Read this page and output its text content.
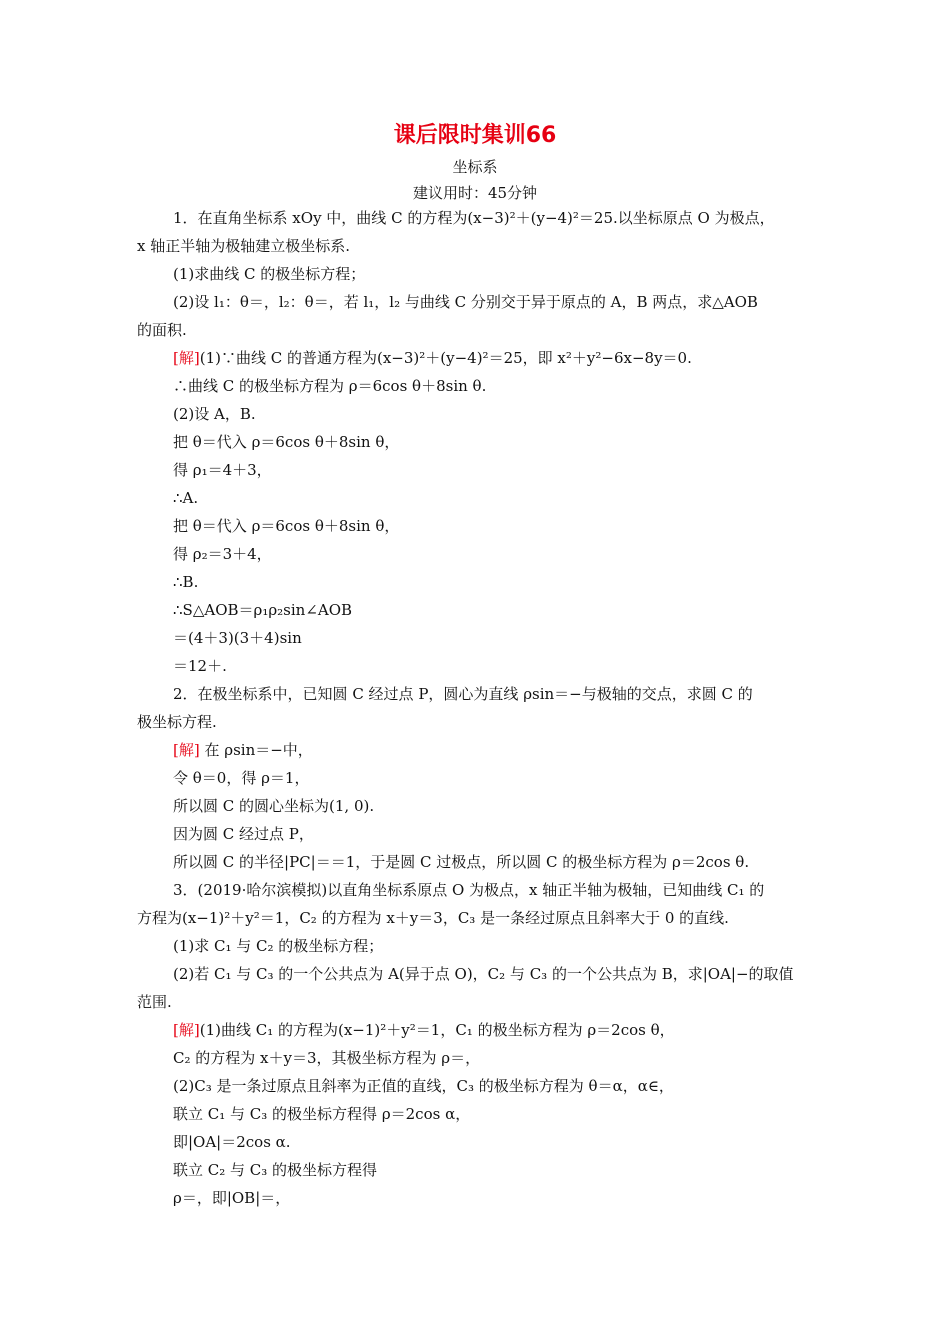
课后限时集训66
坐标系
建议用时：45分钟
1．在直角坐标系 xOy 中，曲线 C 的方程为(x−3)²＋(y−4)²＝25.以坐标原点 O 为极点，
x 轴正半轴为极轴建立极坐标系.
(1)求曲线 C 的极坐标方程；
(2)设 l₁：θ＝，l₂：θ＝，若 l₁，l₂ 与曲线 C 分别交于异于原点的 A，B 两点，求△AOB
的面积.
[解](1)∵曲线 C 的普通方程为(x−3)²＋(y−4)²＝25，即 x²＋y²−6x−8y＝0.
∴曲线 C 的极坐标方程为 ρ＝6cos θ＋8sin θ.
(2)设 A，B.
把 θ＝代入 ρ＝6cos θ＋8sin θ，
得 ρ₁＝4＋3，
∴A.
把 θ＝代入 ρ＝6cos θ＋8sin θ，
得 ρ₂＝3＋4，
∴B.
∴S△AOB＝ρ₁ρ₂sin∠AOB
＝(4＋3)(3＋4)sin
＝12＋.
2．在极坐标系中，已知圆 C 经过点 P，圆心为直线 ρsin＝−与极轴的交点，求圆 C 的
极坐标方程.
[解] 在 ρsin＝−中，
令 θ＝0，得 ρ＝1，
所以圆 C 的圆心坐标为(1, 0).
因为圆 C 经过点 P，
所以圆 C 的半径|PC|＝＝1，于是圆 C 过极点，所以圆 C 的极坐标方程为 ρ＝2cos θ.
3．(2019·哈尔滨模拟)以直角坐标系原点 O 为极点，x 轴正半轴为极轴，已知曲线 C₁ 的
方程为(x−1)²＋y²＝1，C₂ 的方程为 x＋y＝3，C₃ 是一条经过原点且斜率大于 0 的直线.
(1)求 C₁ 与 C₂ 的极坐标方程；
(2)若 C₁ 与 C₃ 的一个公共点为 A(异于点 O)，C₂ 与 C₃ 的一个公共点为 B，求|OA|−的取值
范围.
[解](1)曲线 C₁ 的方程为(x−1)²＋y²＝1，C₁ 的极坐标方程为 ρ＝2cos θ，
C₂ 的方程为 x＋y＝3，其极坐标方程为 ρ＝，
(2)C₃ 是一条过原点且斜率为正值的直线，C₃ 的极坐标方程为 θ＝α，α∈，
联立 C₁ 与 C₃ 的极坐标方程得 ρ＝2cos α，
即|OA|＝2cos α.
联立 C₂ 与 C₃ 的极坐标方程得
ρ＝，即|OB|＝，
